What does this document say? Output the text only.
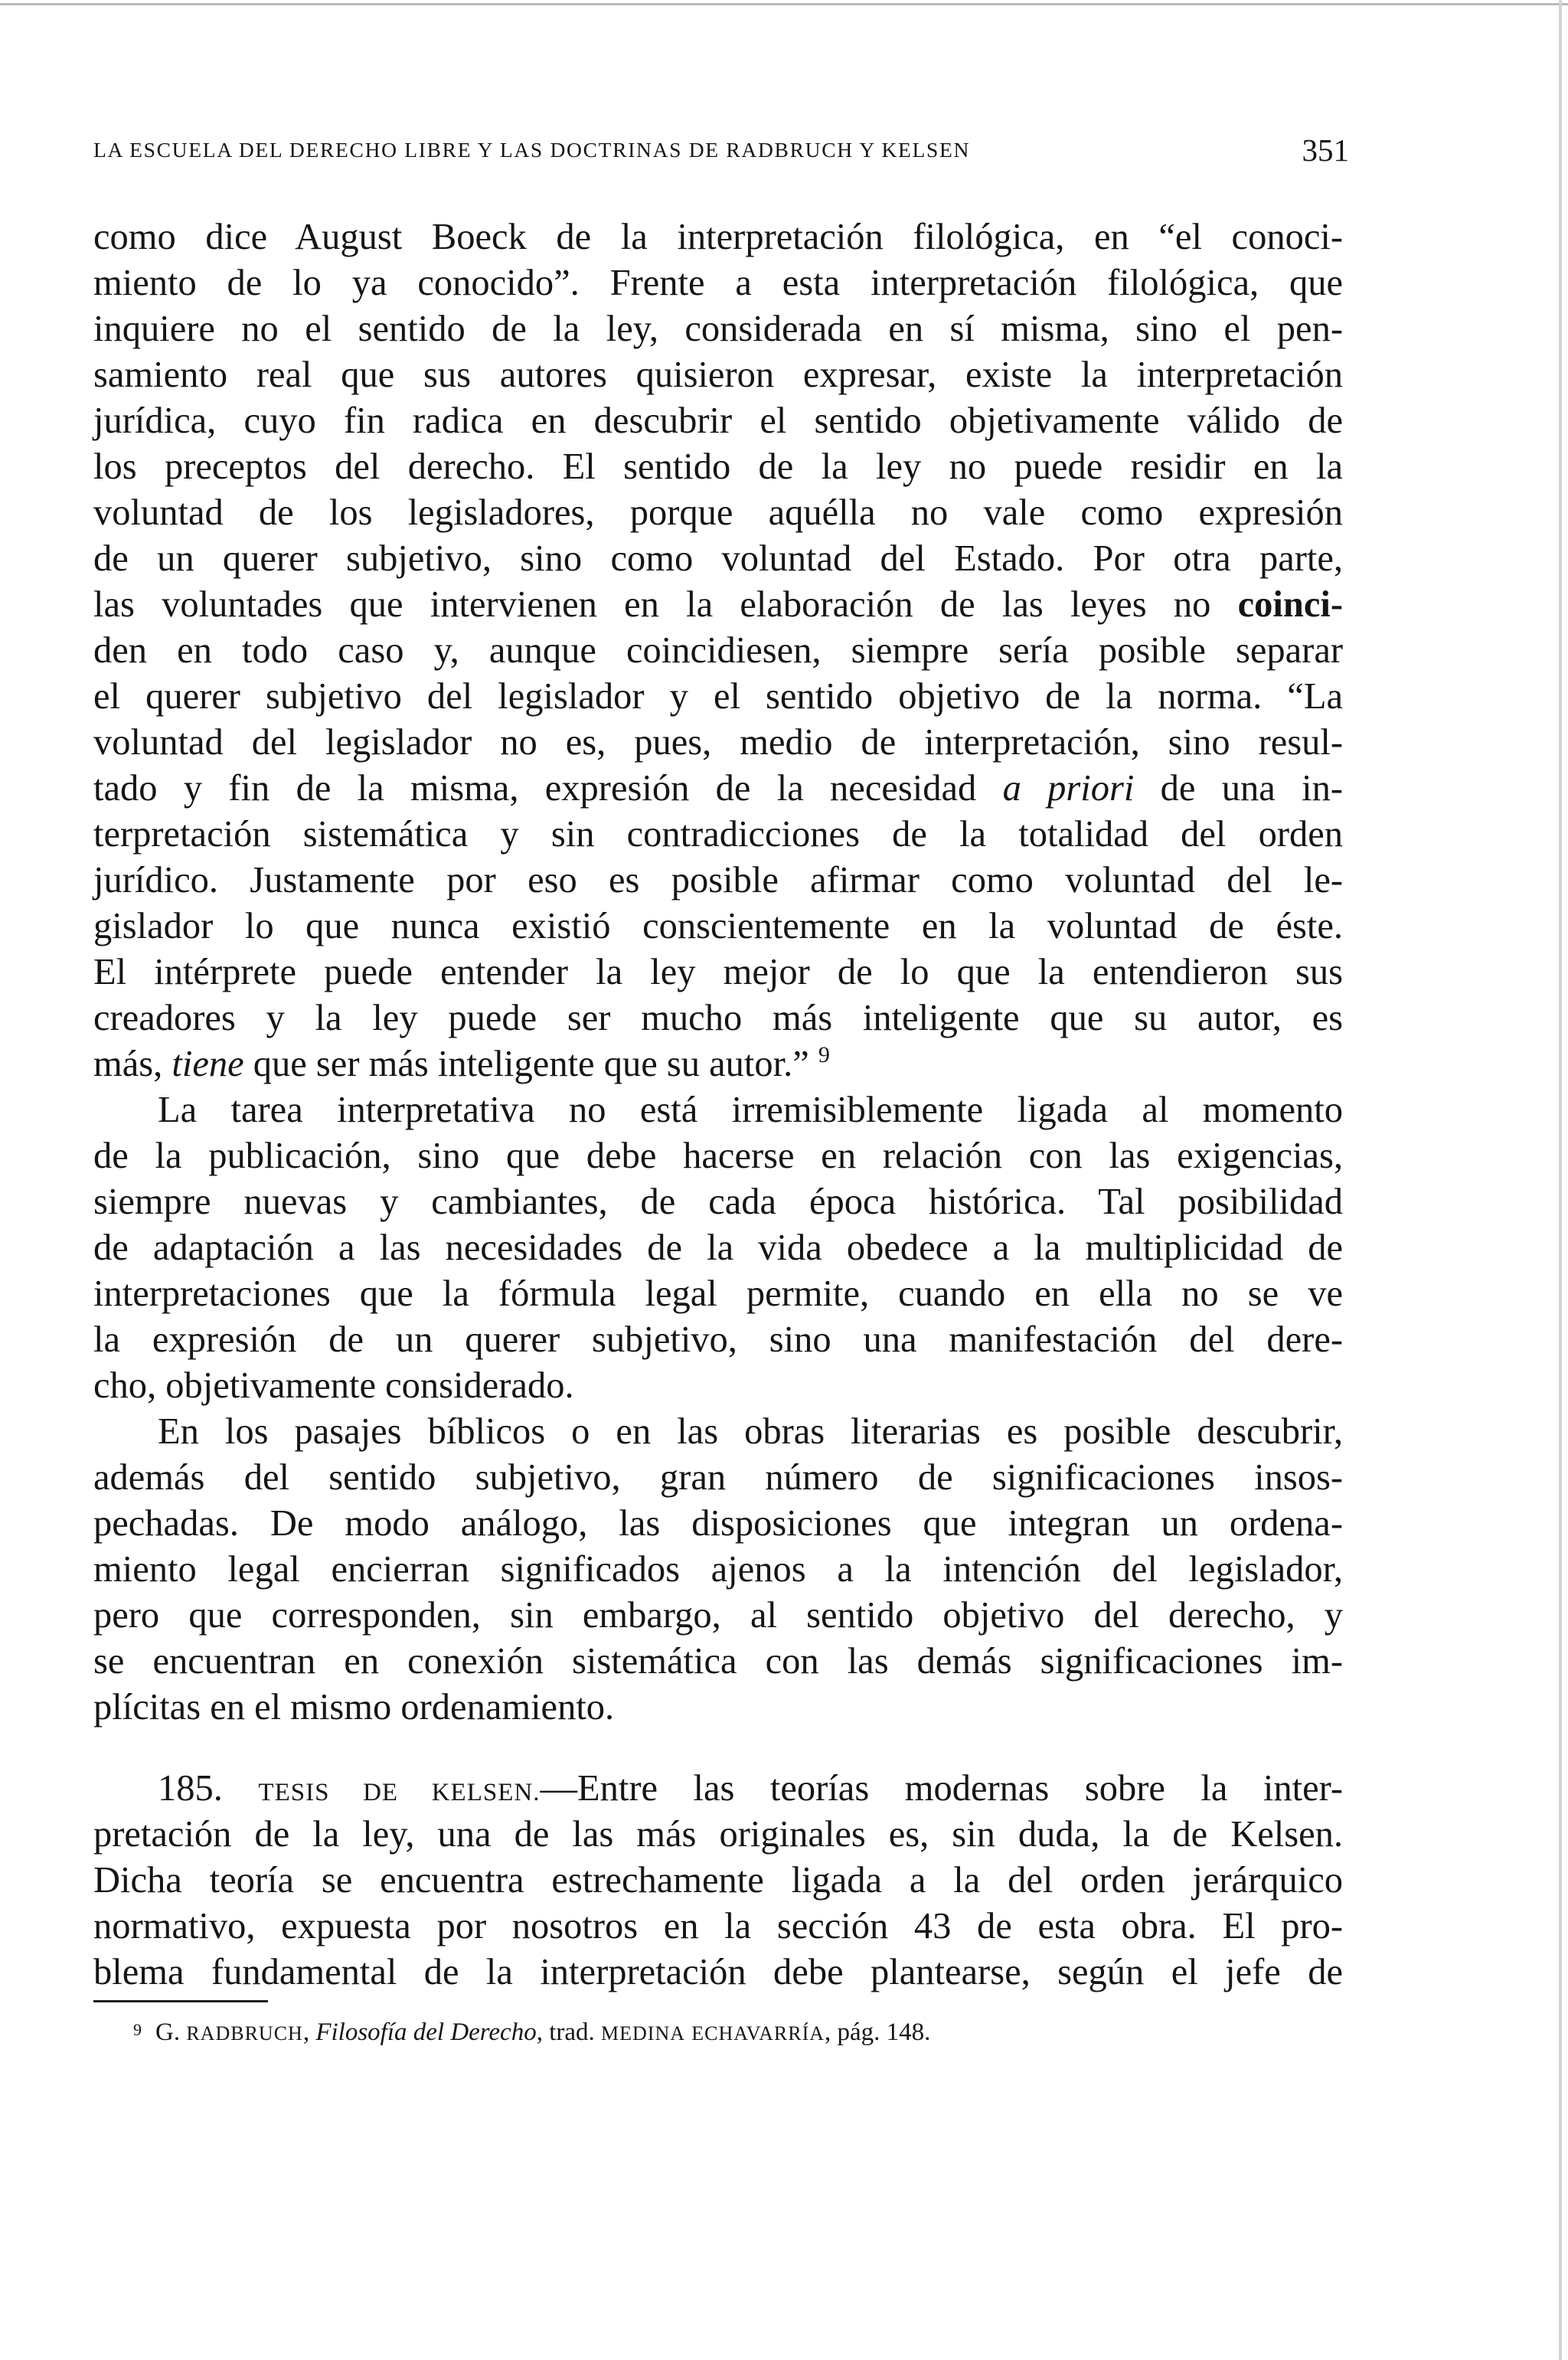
LA ESCUELA DEL DERECHO LIBRE Y LAS DOCTRINAS DE RADBRUCH Y KELSEN	351
como dice August Boeck de la interpretación filológica, en “el conoci-
miento de lo ya conocido”. Frente a esta interpretación filológica, que
inquiere no el sentido de la ley, considerada en sí misma, sino el pen-
samiento real que sus autores quisieron expresar, existe la interpretación
jurídica, cuyo fin radica en descubrir el sentido objetivamente válido de
los preceptos del derecho. El sentido de la ley no puede residir en la
voluntad de los legisladores, porque aquélla no vale como expresión
de un querer subjetivo, sino como voluntad del Estado. Por otra parte,
las voluntades que intervienen en la elaboración de las leyes no coinci-
den en todo caso y, aunque coincidiesen, siempre sería posible separar
el querer subjetivo del legislador y el sentido objetivo de la norma. “La
voluntad del legislador no es, pues, medio de interpretación, sino resul-
tado y fin de la misma, expresión de la necesidad a priori de una in-
terpretación sistemática y sin contradicciones de la totalidad del orden
jurídico. Justamente por eso es posible afirmar como voluntad del le-
gislador lo que nunca existió conscientemente en la voluntad de éste.
El intérprete puede entender la ley mejor de lo que la entendieron sus
creadores y la ley puede ser mucho más inteligente que su autor, es
más, tiene que ser más inteligente que su autor.” $^9$
La tarea interpretativa no está irremisiblemente ligada al momento
de la publicación, sino que debe hacerse en relación con las exigencias,
siempre nuevas y cambiantes, de cada época histórica. Tal posibilidad
de adaptación a las necesidades de la vida obedece a la multiplicidad de
interpretaciones que la fórmula legal permite, cuando en ella no se ve
la expresión de un querer subjetivo, sino una manifestación del dere-
cho, objetivamente considerado.
En los pasajes bíblicos o en las obras literarias es posible descubrir,
además del sentido subjetivo, gran número de significaciones insos-
pechadas. De modo análogo, las disposiciones que integran un ordena-
miento legal encierran significados ajenos a la intención del legislador,
pero que corresponden, sin embargo, al sentido objetivo del derecho, y
se encuentran en conexión sistemática con las demás significaciones im-
plícitas en el mismo ordenamiento.
185. TESIS DE KELSEN.—Entre las teorías modernas sobre la inter-
pretación de la ley, una de las más originales es, sin duda, la de Kelsen.
Dicha teoría se encuentra estrechamente ligada a la del orden jerárquico
normativo, expuesta por nosotros en la sección 43 de esta obra. El pro-
blema fundamental de la interpretación debe plantearse, según el jefe de
9 G. RADBRUCH, Filosofía del Derecho, trad. MEDINA ECHAVARRÍA, pág. 148.
